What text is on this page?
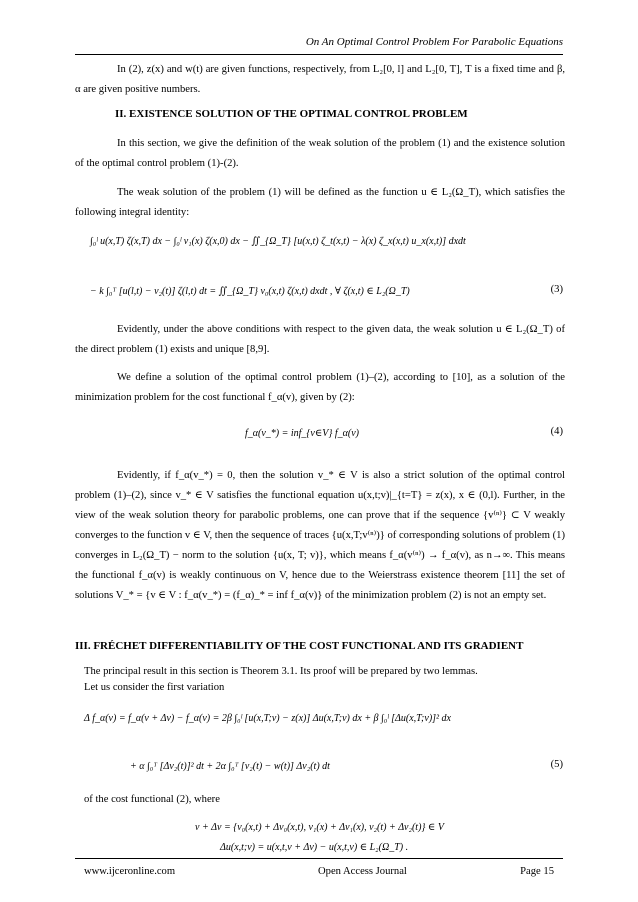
On An Optimal Control Problem For Parabolic Equations
In (2), z(x) and w(t) are given functions, respectively, from L₂[0, l] and L₂[0, T], T is a fixed time and β, α are given positive numbers.
II. EXISTENCE SOLUTION OF THE OPTIMAL CONTROL PROBLEM
In this section, we give the definition of the weak solution of the problem (1) and the existence solution of the optimal control problem (1)-(2).
The weak solution of the problem (1) will be defined as the function u ∈ L₂(Ω_T), which satisfies the following integral identity:
∫₀ˡ u(x,T) ζ(x,T) dx − ∫₀ˡ v₁(x) ζ(x,0) dx − ∬_{Ω_T} [u(x,t) ζ_t(x,t) − λ(x) ζ_x(x,t) u_x(x,t)] dxdt
− k ∫₀ᵀ [u(l,t) − v₂(t)] ζ(l,t) dt = ∬_{Ω_T} v₀(x,t) ζ(x,t) dxdt , ∀ ζ(x,t) ∈ L₂(Ω_T)	(3)
Evidently, under the above conditions with respect to the given data, the weak solution u ∈ L₂(Ω_T) of the direct problem (1) exists and unique [8,9].
We define a solution of the optimal control problem (1)–(2), according to [10], as a solution of the minimization problem for the cost functional f_α(v), given by (2):
f_α(v_*) = inf_{v∈V} f_α(v)	(4)
Evidently, if f_α(v_*) = 0, then the solution v_* ∈ V is also a strict solution of the optimal control problem (1)–(2), since v_* ∈ V satisfies the functional equation u(x,t;v)|_{t=T} = z(x), x ∈ (0,l). Further, in the view of the weak solution theory for parabolic problems, one can prove that if the sequence {v⁽ⁿ⁾} ⊂ V weakly converges to the function v ∈ V, then the sequence of traces {u(x,T;v⁽ⁿ⁾)} of corresponding solutions of problem (1) converges in L₂(Ω_T) − norm to the solution {u(x, T; v)}, which means f_α(v⁽ⁿ⁾) → f_α(v), as n→∞. This means the functional f_α(v) is weakly continuous on V, hence due to the Weierstrass existence theorem [11] the set of solutions V_* = {v ∈ V : f_α(v_*) = (f_α)_* = inf f_α(v)} of the minimization problem (2) is not an empty set.
III. FRÉCHET DIFFERENTIABILITY OF THE COST FUNCTIONAL AND ITS GRADIENT
The principal result in this section is Theorem 3.1. Its proof will be prepared by two lemmas.
Let us consider the first variation
Δ f_α(v) = f_α(v + Δv) − f_α(v) = 2β ∫₀ˡ [u(x,T;v) − z(x)] Δu(x,T;v) dx + β ∫₀ˡ [Δu(x,T;v)]² dx
+ α ∫₀ᵀ [Δv₂(t)]² dt + 2α ∫₀ᵀ [v₂(t) − w(t)] Δv₂(t) dt	(5)
of the cost functional (2), where
v + Δv = {v₀(x,t) + Δv₀(x,t), v₁(x) + Δv₁(x), v₂(t) + Δv₂(t)} ∈ V
Δu(x,t;v) = u(x,t,v + Δv) − u(x,t,v) ∈ L₂(Ω_T) .
www.ijceronline.com	Open Access Journal	Page 15
